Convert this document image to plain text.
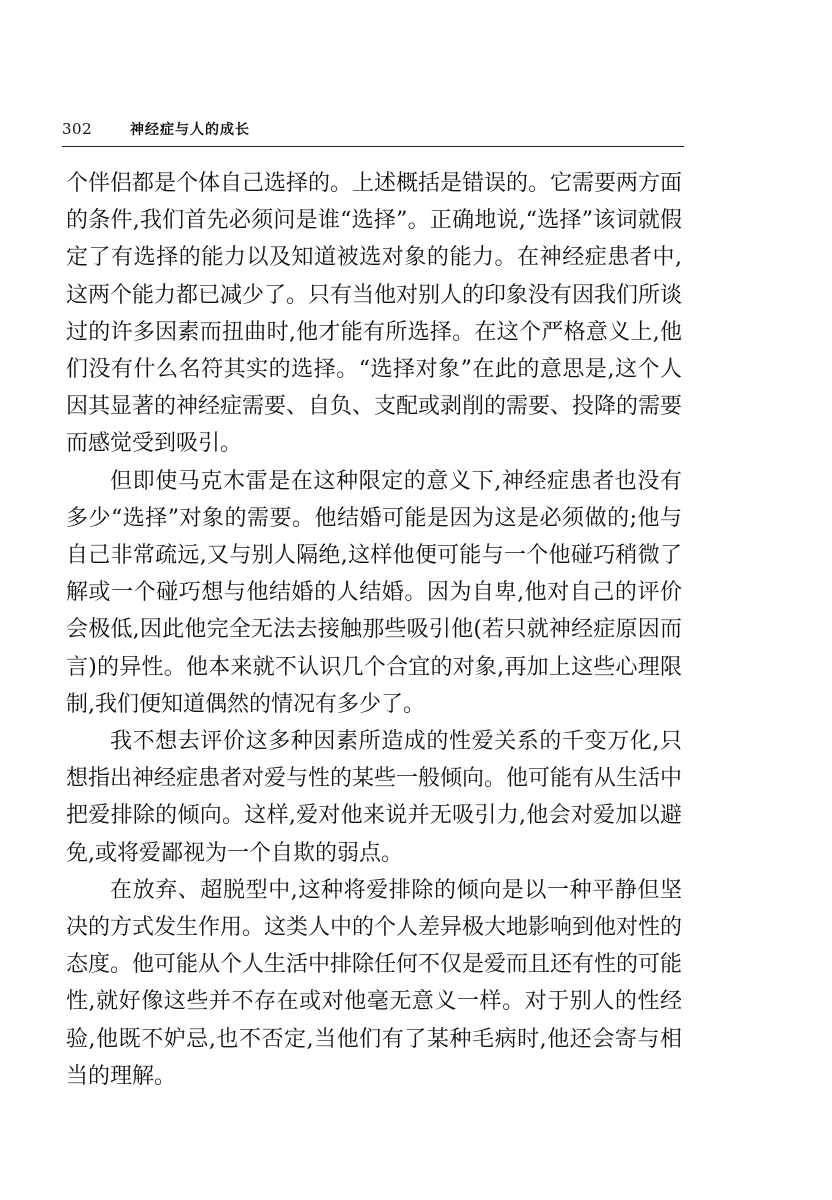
302	神经症与人的成长

个伴侣都是个体自己选择的。上述概括是错误的。它需要两方面的条件,我们首先必须问是谁“选择”。正确地说,“选择”该词就假定了有选择的能力以及知道被选对象的能力。在神经症患者中,这两个能力都已减少了。只有当他对别人的印象没有因我们所谈过的许多因素而扭曲时,他才能有所选择。在这个严格意义上,他们没有什么名符其实的选择。“选择对象”在此的意思是,这个人因其显著的神经症需要、自负、支配或剥削的需要、投降的需要而感觉受到吸引。

但即使马克木雷是在这种限定的意义下,神经症患者也没有多少“选择”对象的需要。他结婚可能是因为这是必须做的;他与自己非常疏远,又与别人隔绝,这样他便可能与一个他碰巧稍微了解或一个碰巧想与他结婚的人结婚。因为自卑,他对自己的评价会极低,因此他完全无法去接触那些吸引他(若只就神经症原因而言)的异性。他本来就不认识几个合宜的对象,再加上这些心理限制,我们便知道偶然的情况有多少了。

我不想去评价这多种因素所造成的性爱关系的千变万化,只想指出神经症患者对爱与性的某些一般倾向。他可能有从生活中把爱排除的倾向。这样,爱对他来说并无吸引力,他会对爱加以避免,或将爱鄙视为一个自欺的弱点。

在放弃、超脱型中,这种将爱排除的倾向是以一种平静但坚决的方式发生作用。这类人中的个人差异极大地影响到他对性的态度。他可能从个人生活中排除任何不仅是爱而且还有性的可能性,就好像这些并不存在或对他毫无意义一样。对于别人的性经验,他既不妒忌,也不否定,当他们有了某种毛病时,他还会寄与相当的理解。
